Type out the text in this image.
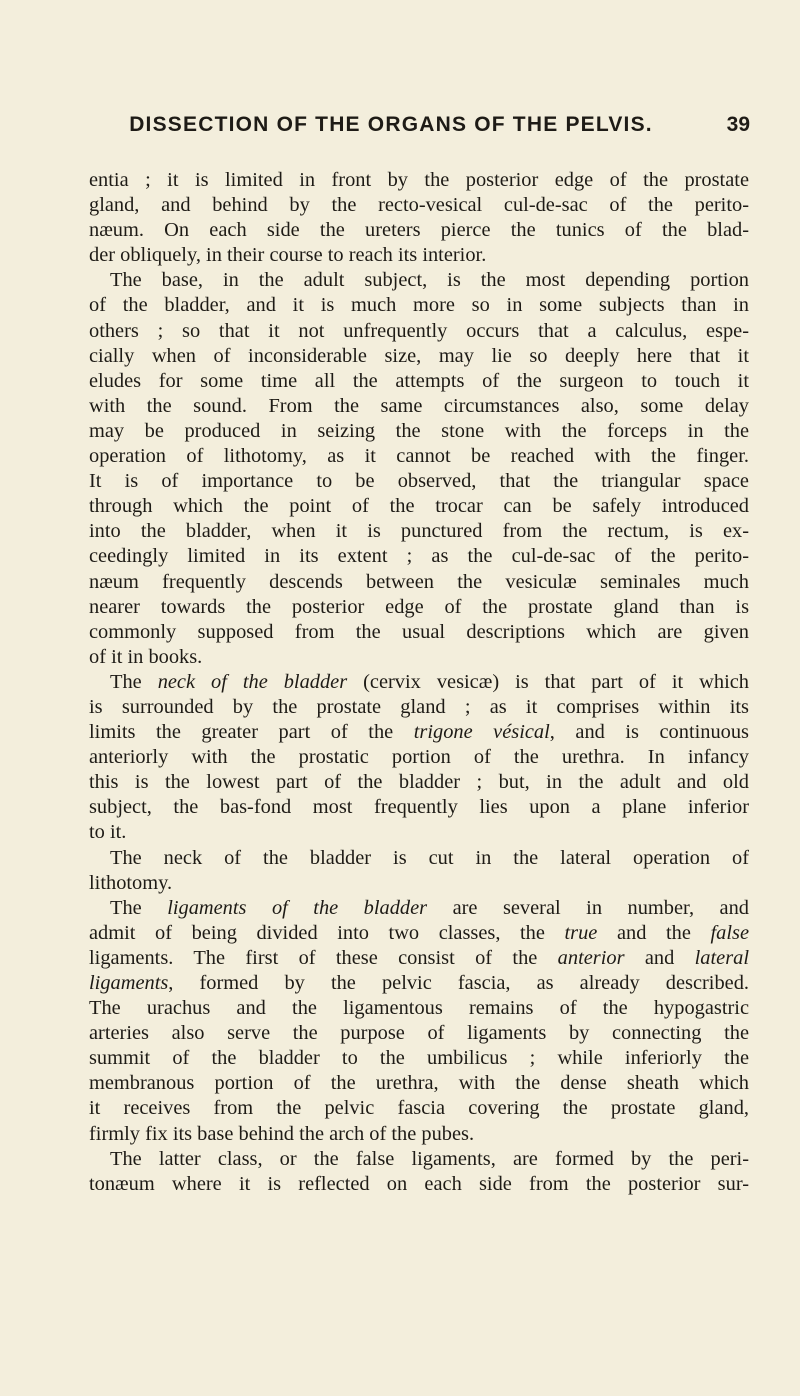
DISSECTION OF THE ORGANS OF THE PELVIS.	39
entia ; it is limited in front by the posterior edge of the prostate
gland, and behind by the recto-vesical cul-de-sac of the perito-
næum. On each side the ureters pierce the tunics of the blad-
der obliquely, in their course to reach its interior.
The base, in the adult subject, is the most depending portion
of the bladder, and it is much more so in some subjects than in
others ; so that it not unfrequently occurs that a calculus, espe-
cially when of inconsiderable size, may lie so deeply here that it
eludes for some time all the attempts of the surgeon to touch it
with the sound. From the same circumstances also, some delay
may be produced in seizing the stone with the forceps in the
operation of lithotomy, as it cannot be reached with the finger.
It is of importance to be observed, that the triangular space
through which the point of the trocar can be safely introduced
into the bladder, when it is punctured from the rectum, is ex-
ceedingly limited in its extent ; as the cul-de-sac of the perito-
næum frequently descends between the vesiculæ seminales much
nearer towards the posterior edge of the prostate gland than is
commonly supposed from the usual descriptions which are given
of it in books.
The neck of the bladder (cervix vesicæ) is that part of it which
is surrounded by the prostate gland ; as it comprises within its
limits the greater part of the trigone vésical, and is continuous
anteriorly with the prostatic portion of the urethra. In infancy
this is the lowest part of the bladder ; but, in the adult and old
subject, the bas-fond most frequently lies upon a plane inferior
to it.
The neck of the bladder is cut in the lateral operation of
lithotomy.
The ligaments of the bladder are several in number, and
admit of being divided into two classes, the true and the false
ligaments. The first of these consist of the anterior and lateral
ligaments, formed by the pelvic fascia, as already described.
The urachus and the ligamentous remains of the hypogastric
arteries also serve the purpose of ligaments by connecting the
summit of the bladder to the umbilicus ; while inferiorly the
membranous portion of the urethra, with the dense sheath which
it receives from the pelvic fascia covering the prostate gland,
firmly fix its base behind the arch of the pubes.
The latter class, or the false ligaments, are formed by the peri-
tonæum where it is reflected on each side from the posterior sur-
